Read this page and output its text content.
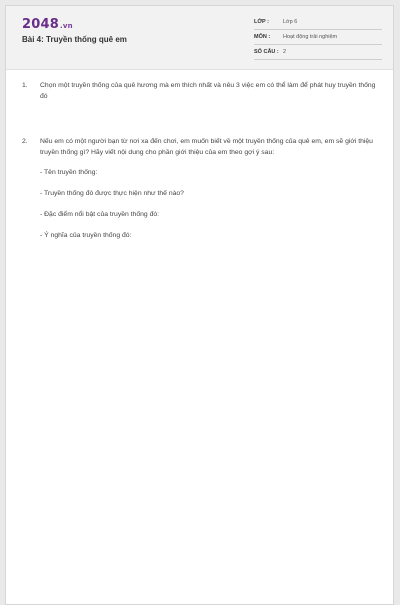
2048.vn
Bài 4: Truyền thống quê em
LỚP :	Lớp 6
MÔN : Hoạt động trải nghiệm
SỐ CÂU : 2
1. Chọn một truyền thống của quê hương mà em thích nhất và nêu 3 việc em có thể làm để phát huy truyền thống đó
2. Nếu em có một người bạn từ nơi xa đến chơi, em muốn biết về một truyền thống của quê em, em sẽ giới thiệu truyền thống gì? Hãy viết nội dung cho phần giới thiệu của em theo gợi ý sau:
- Tên truyền thống:
- Truyền thống đó được thực hiện như thế nào?
- Đặc điểm nổi bật của truyền thống đó:
- Ý nghĩa của truyền thống đó:
